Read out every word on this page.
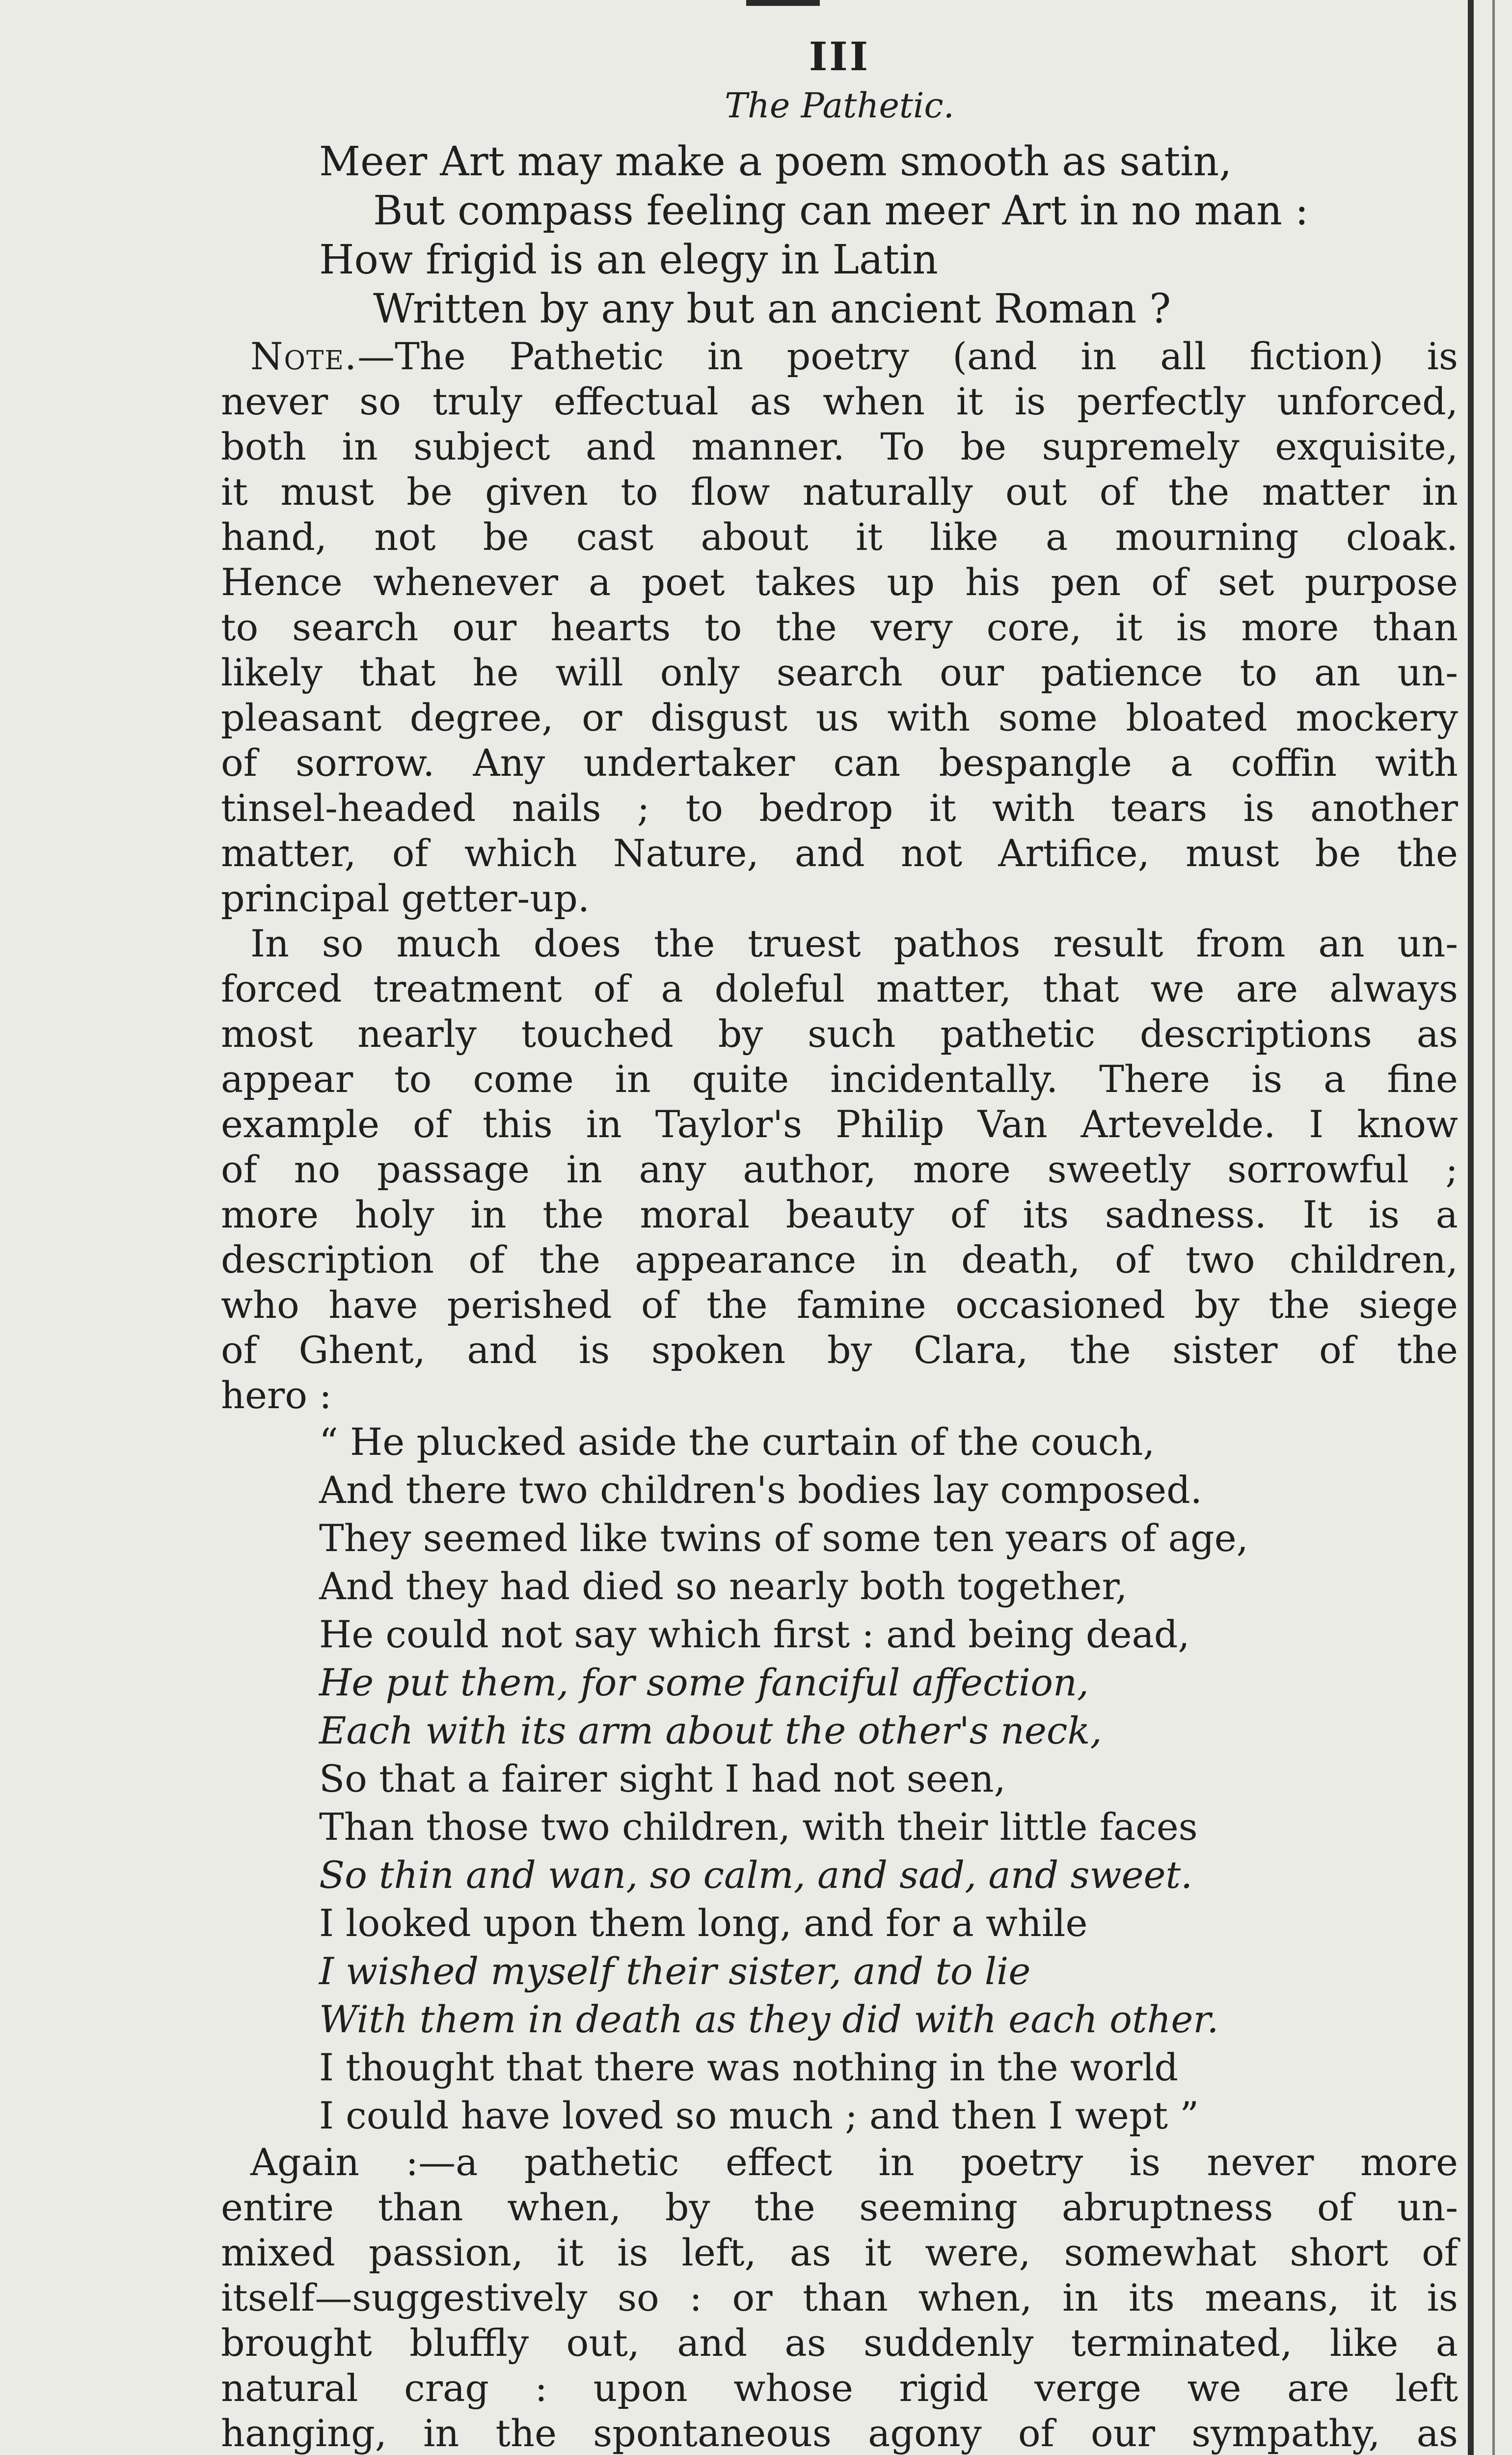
III

The Pathetic.

Meer Art may make a poem smooth as satin,
But compass feeling can meer Art in no man :
How frigid is an elegy in Latin
Written by any but an ancient Roman ?
Note.—The Pathetic in poetry (and in all fiction) is
never so truly effectual as when it is perfectly unforced,
both in subject and manner. To be supremely exquisite,
it must be given to flow naturally out of the matter in
hand, not be cast about it like a mourning cloak.
Hence whenever a poet takes up his pen of set purpose
to search our hearts to the very core, it is more than
likely that he will only search our patience to an un-
pleasant degree, or disgust us with some bloated mockery
of sorrow. Any undertaker can bespangle a coffin with
tinsel-headed nails ; to bedrop it with tears is another
matter, of which Nature, and not Artifice, must be the
principal getter-up.
In so much does the truest pathos result from an un-
forced treatment of a doleful matter, that we are always
most nearly touched by such pathetic descriptions as
appear to come in quite incidentally. There is a fine
example of this in Taylor's Philip Van Artevelde. I know
of no passage in any author, more sweetly sorrowful ;
more holy in the moral beauty of its sadness. It is a
description of the appearance in death, of two children,
who have perished of the famine occasioned by the siege
of Ghent, and is spoken by Clara, the sister of the
hero :
“ He plucked aside the curtain of the couch,
And there two children's bodies lay composed.
They seemed like twins of some ten years of age,
And they had died so nearly both together,
He could not say which first : and being dead,
He put them, for some fanciful affection,
Each with its arm about the other's neck,
So that a fairer sight I had not seen,
Than those two children, with their little faces
So thin and wan, so calm, and sad, and sweet.
I looked upon them long, and for a while
I wished myself their sister, and to lie
With them in death as they did with each other.
I thought that there was nothing in the world
I could have loved so much ; and then I wept ”
Again :—a pathetic effect in poetry is never more
entire than when, by the seeming abruptness of un-
mixed passion, it is left, as it were, somewhat short of
itself—suggestively so : or than when, in its means, it is
brought bluffly out, and as suddenly terminated, like a
natural crag : upon whose rigid verge we are left
hanging, in the spontaneous agony of our sympathy, as
